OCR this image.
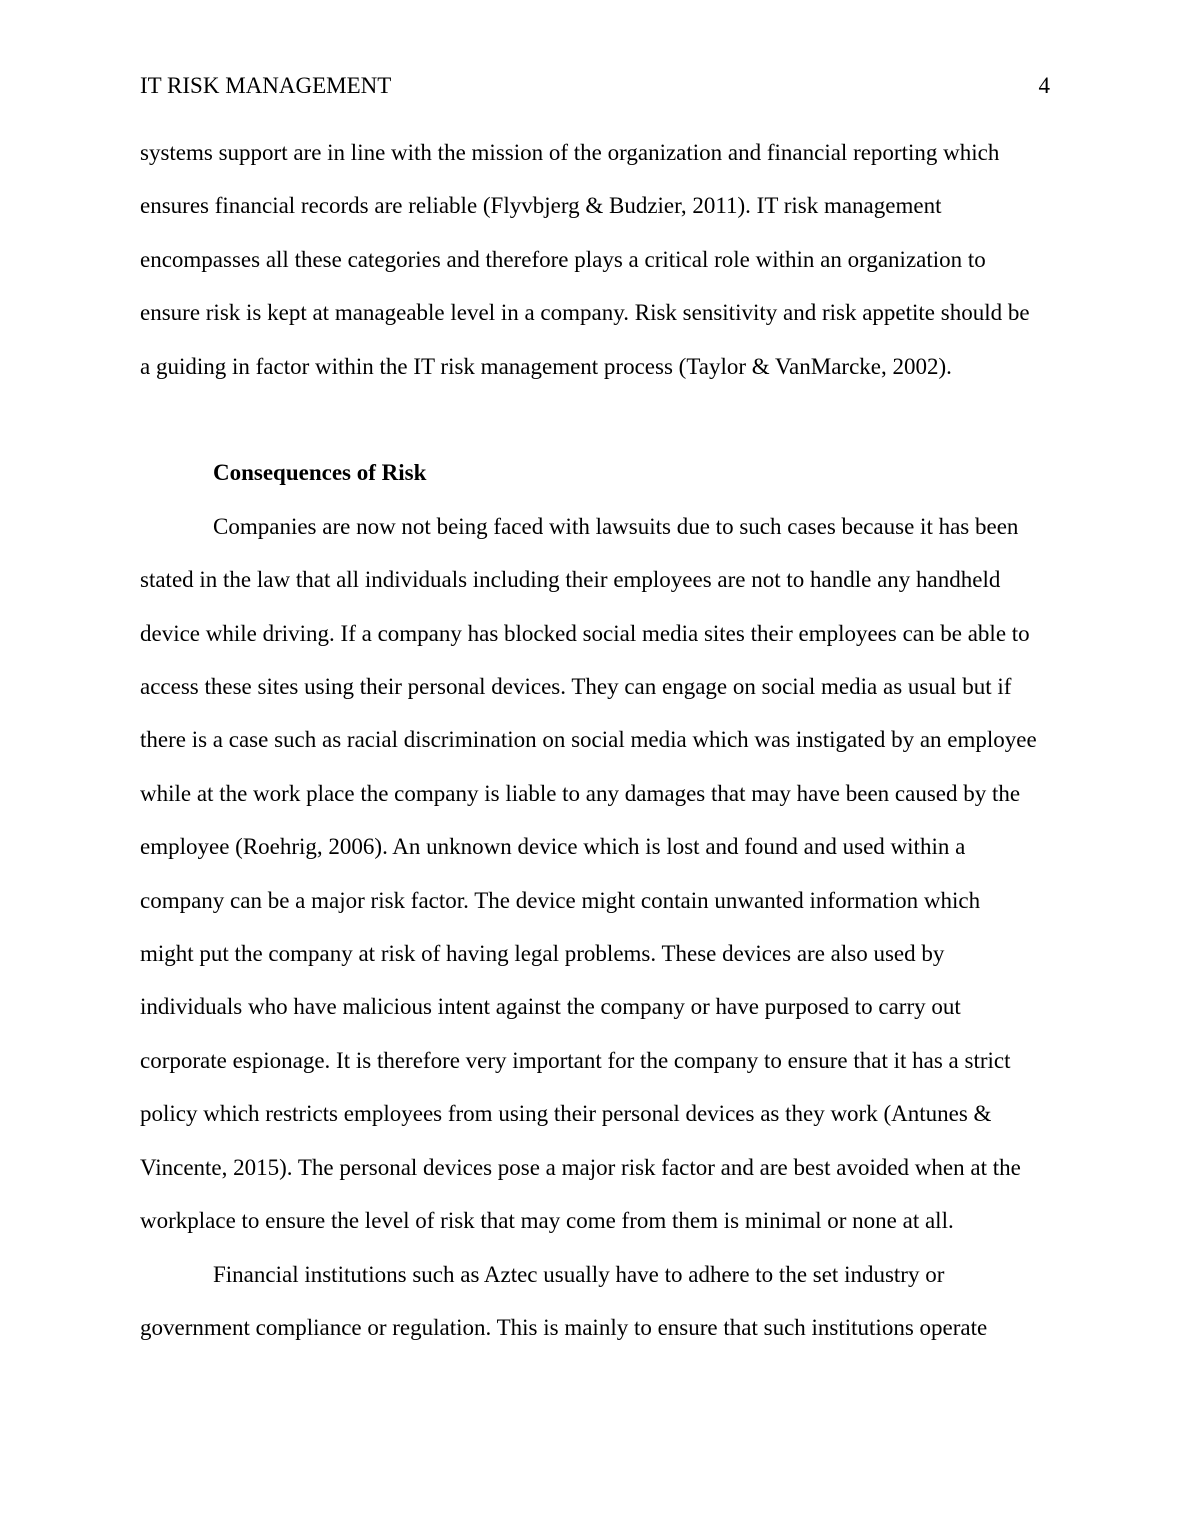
IT RISK MANAGEMENT	4
systems support are in line with the mission of the organization and financial reporting which
ensures financial records are reliable (Flyvbjerg & Budzier, 2011). IT risk management
encompasses all these categories and therefore plays a critical role within an organization to
ensure risk is kept at manageable level in a company. Risk sensitivity and risk appetite should be
a guiding in factor within the IT risk management process (Taylor & VanMarcke, 2002).
Consequences of Risk
Companies are now not being faced with lawsuits due to such cases because it has been
stated in the law that all individuals including their employees are not to handle any handheld
device while driving. If a company has blocked social media sites their employees can be able to
access these sites using their personal devices. They can engage on social media as usual but if
there is a case such as racial discrimination on social media which was instigated by an employee
while at the work place the company is liable to any damages that may have been caused by the
employee (Roehrig, 2006). An unknown device which is lost and found and used within a
company can be a major risk factor. The device might contain unwanted information which
might put the company at risk of having legal problems. These devices are also used by
individuals who have malicious intent against the company or have purposed to carry out
corporate espionage. It is therefore very important for the company to ensure that it has a strict
policy which restricts employees from using their personal devices as they work (Antunes &
Vincente, 2015). The personal devices pose a major risk factor and are best avoided when at the
workplace to ensure the level of risk that may come from them is minimal or none at all.
Financial institutions such as Aztec usually have to adhere to the set industry or
government compliance or regulation. This is mainly to ensure that such institutions operate
